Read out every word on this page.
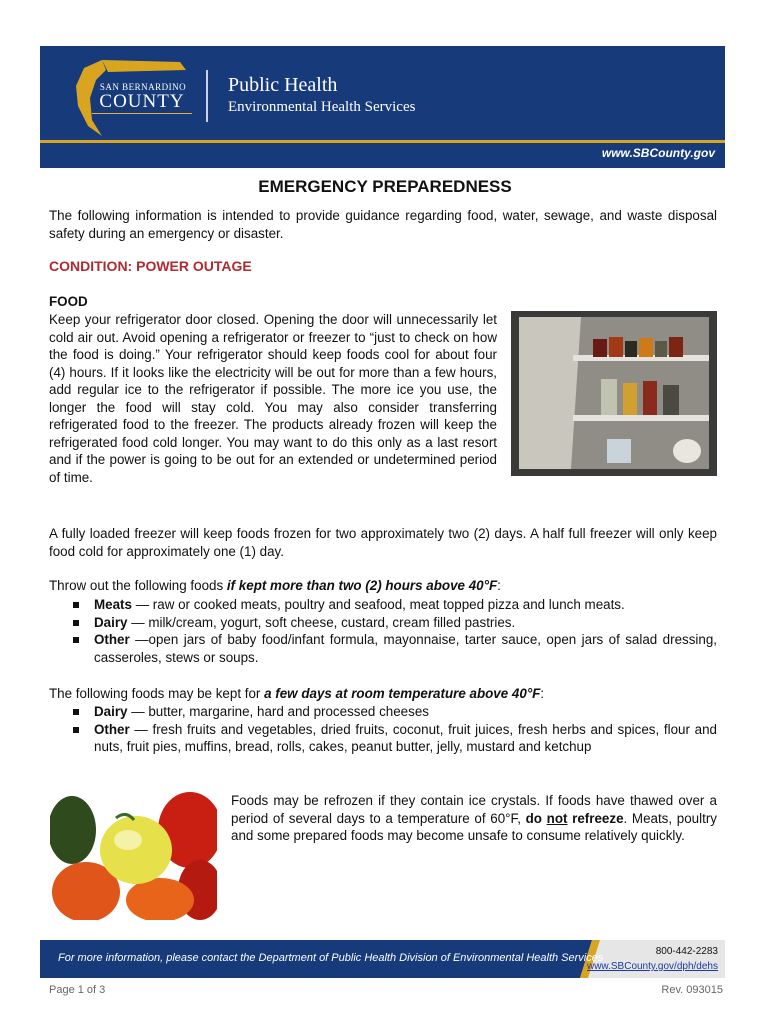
SAN BERNARDINO
COUNTY
Public Health
Environmental Health Services
www.SBCounty.gov
EMERGENCY PREPAREDNESS

The following information is intended to provide guidance regarding food, water, sewage, and waste disposal safety during an emergency or disaster.

CONDITION: POWER OUTAGE
FOOD
Keep your refrigerator door closed. Opening the door will unnecessarily let cold air out. Avoid opening a refrigerator or freezer to “just to check on how the food is doing.” Your refrigerator should keep foods cool for about four (4) hours. If it looks like the electricity will be out for more than a few hours, add regular ice to the refrigerator if possible. The more ice you use, the longer the food will stay cold. You may also consider transferring refrigerated food to the freezer. The products already frozen will keep the refrigerated food cold longer. You may want to do this only as a last resort and if the power is going to be out for an extended or undetermined period of time.

A fully loaded freezer will keep foods frozen for two approximately two (2) days. A half full freezer will only keep food cold for approximately one (1) day.

Throw out the following foods if kept more than two (2) hours above 40°F:

Meats — raw or cooked meats, poultry and seafood, meat topped pizza and lunch meats.
Dairy — milk/cream, yogurt, soft cheese, custard, cream filled pastries.
Other —open jars of baby food/infant formula, mayonnaise, tarter sauce, open jars of salad dressing, casseroles, stews or soups.

The following foods may be kept for a few days at room temperature above 40°F:

Dairy — butter, margarine, hard and processed cheeses
Other — fresh fruits and vegetables, dried fruits, coconut, fruit juices, fresh herbs and spices, flour and nuts, fruit pies, muffins, bread, rolls, cakes, peanut butter, jelly, mustard and ketchup

Foods may be refrozen if they contain ice crystals. If foods have thawed over a period of several days to a temperature of 60°F, do not refreeze. Meats, poultry and some prepared foods may become unsafe to consume relatively quickly.

For more information, please contact the Department of Public Health Division of Environmental Health Services
800-442-2283
www.SBCounty.gov/dph/dehs
Page 1 of 3	Rev. 093015
